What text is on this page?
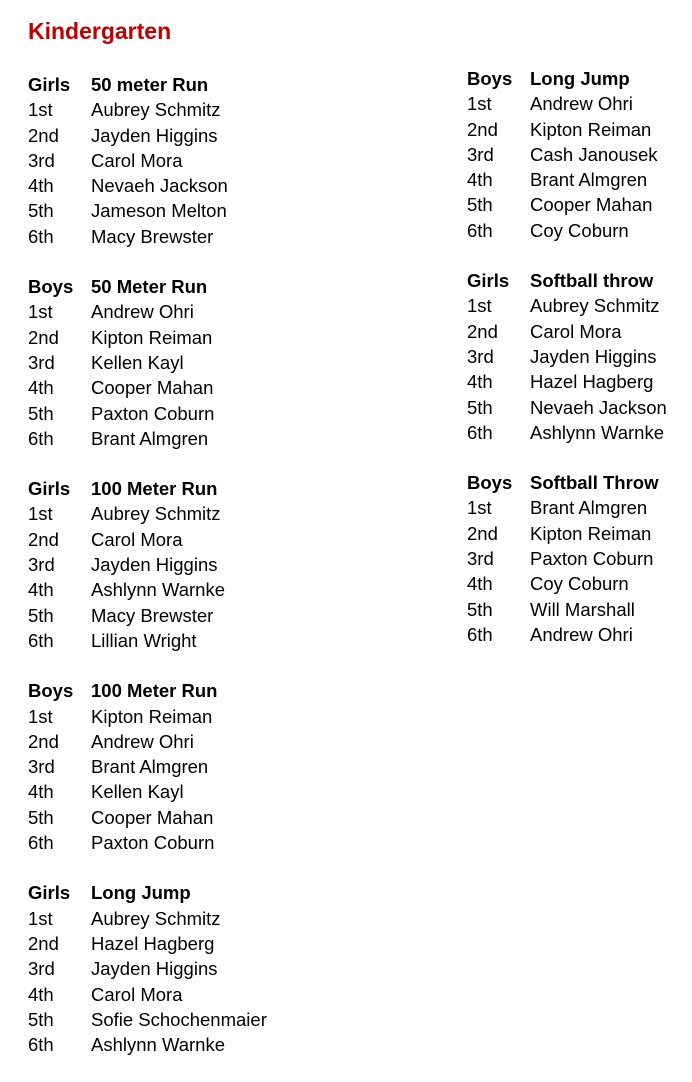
Kindergarten
Girls	50 meter Run
1st	Aubrey Schmitz
2nd	Jayden Higgins
3rd	Carol Mora
4th	Nevaeh Jackson
5th	Jameson Melton
6th	Macy Brewster
Boys 50 Meter Run
1st	Andrew Ohri
2nd	Kipton Reiman
3rd	Kellen Kayl
4th	Cooper Mahan
5th	Paxton Coburn
6th	Brant Almgren
Girls	100 Meter Run
1st	Aubrey Schmitz
2nd	Carol Mora
3rd	Jayden Higgins
4th	Ashlynn Warnke
5th	Macy Brewster
6th	Lillian Wright
Boys 100 Meter Run
1st	Kipton Reiman
2nd	Andrew Ohri
3rd	Brant Almgren
4th	Kellen Kayl
5th	Cooper Mahan
6th	Paxton Coburn
Girls	Long Jump
1st	Aubrey Schmitz
2nd	Hazel Hagberg
3rd	Jayden Higgins
4th	Carol Mora
5th	Sofie Schochenmaier
6th	Ashlynn Warnke
Boys Long Jump
1st	Andrew Ohri
2nd	Kipton Reiman
3rd	Cash Janousek
4th	Brant Almgren
5th	Cooper Mahan
6th	Coy Coburn
Girls	Softball throw
1st	Aubrey Schmitz
2nd	Carol Mora
3rd	Jayden Higgins
4th	Hazel Hagberg
5th	Nevaeh Jackson
6th	Ashlynn Warnke
Boys Softball Throw
1st	Brant Almgren
2nd	Kipton Reiman
3rd	Paxton Coburn
4th	Coy Coburn
5th	Will Marshall
6th	Andrew Ohri
